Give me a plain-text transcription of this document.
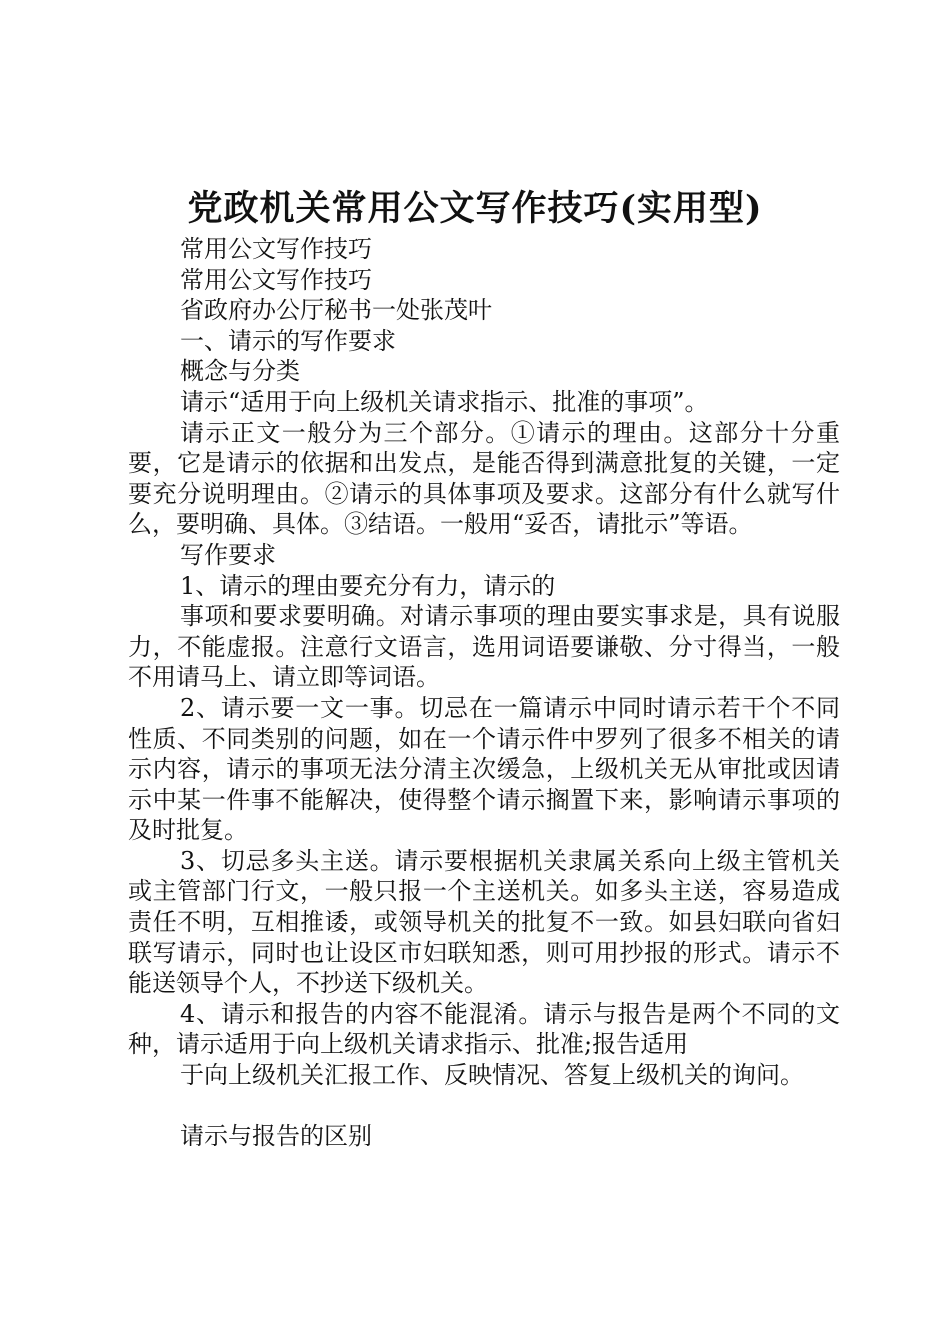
党政机关常用公文写作技巧(实用型)

常用公文写作技巧

常用公文写作技巧

省政府办公厅秘书一处张茂叶

一、请示的写作要求

概念与分类

请示“适用于向上级机关请求指示、批准的事项”。

请示正文一般分为三个部分。①请示的理由。这部分十分重要，它是请示的依据和出发点，是能否得到满意批复的关键，一定要充分说明理由。②请示的具体事项及要求。这部分有什么就写什么，要明确、具体。③结语。一般用“妥否，请批示”等语。

写作要求

1、请示的理由要充分有力，请示的

事项和要求要明确。对请示事项的理由要实事求是，具有说服力，不能虚报。注意行文语言，选用词语要谦敬、分寸得当，一般不用请马上、请立即等词语。

2、请示要一文一事。切忌在一篇请示中同时请示若干个不同性质、不同类别的问题，如在一个请示件中罗列了很多不相关的请示内容，请示的事项无法分清主次缓急，上级机关无从审批或因请示中某一件事不能解决，使得整个请示搁置下来，影响请示事项的及时批复。

3、切忌多头主送。请示要根据机关隶属关系向上级主管机关或主管部门行文，一般只报一个主送机关。如多头主送，容易造成责任不明，互相推诿，或领导机关的批复不一致。如县妇联向省妇联写请示，同时也让设区市妇联知悉，则可用抄报的形式。请示不能送领导个人，不抄送下级机关。

4、请示和报告的内容不能混淆。请示与报告是两个不同的文种，请示适用于向上级机关请求指示、批准;报告适用

于向上级机关汇报工作、反映情况、答复上级机关的询问。

请示与报告的区别
